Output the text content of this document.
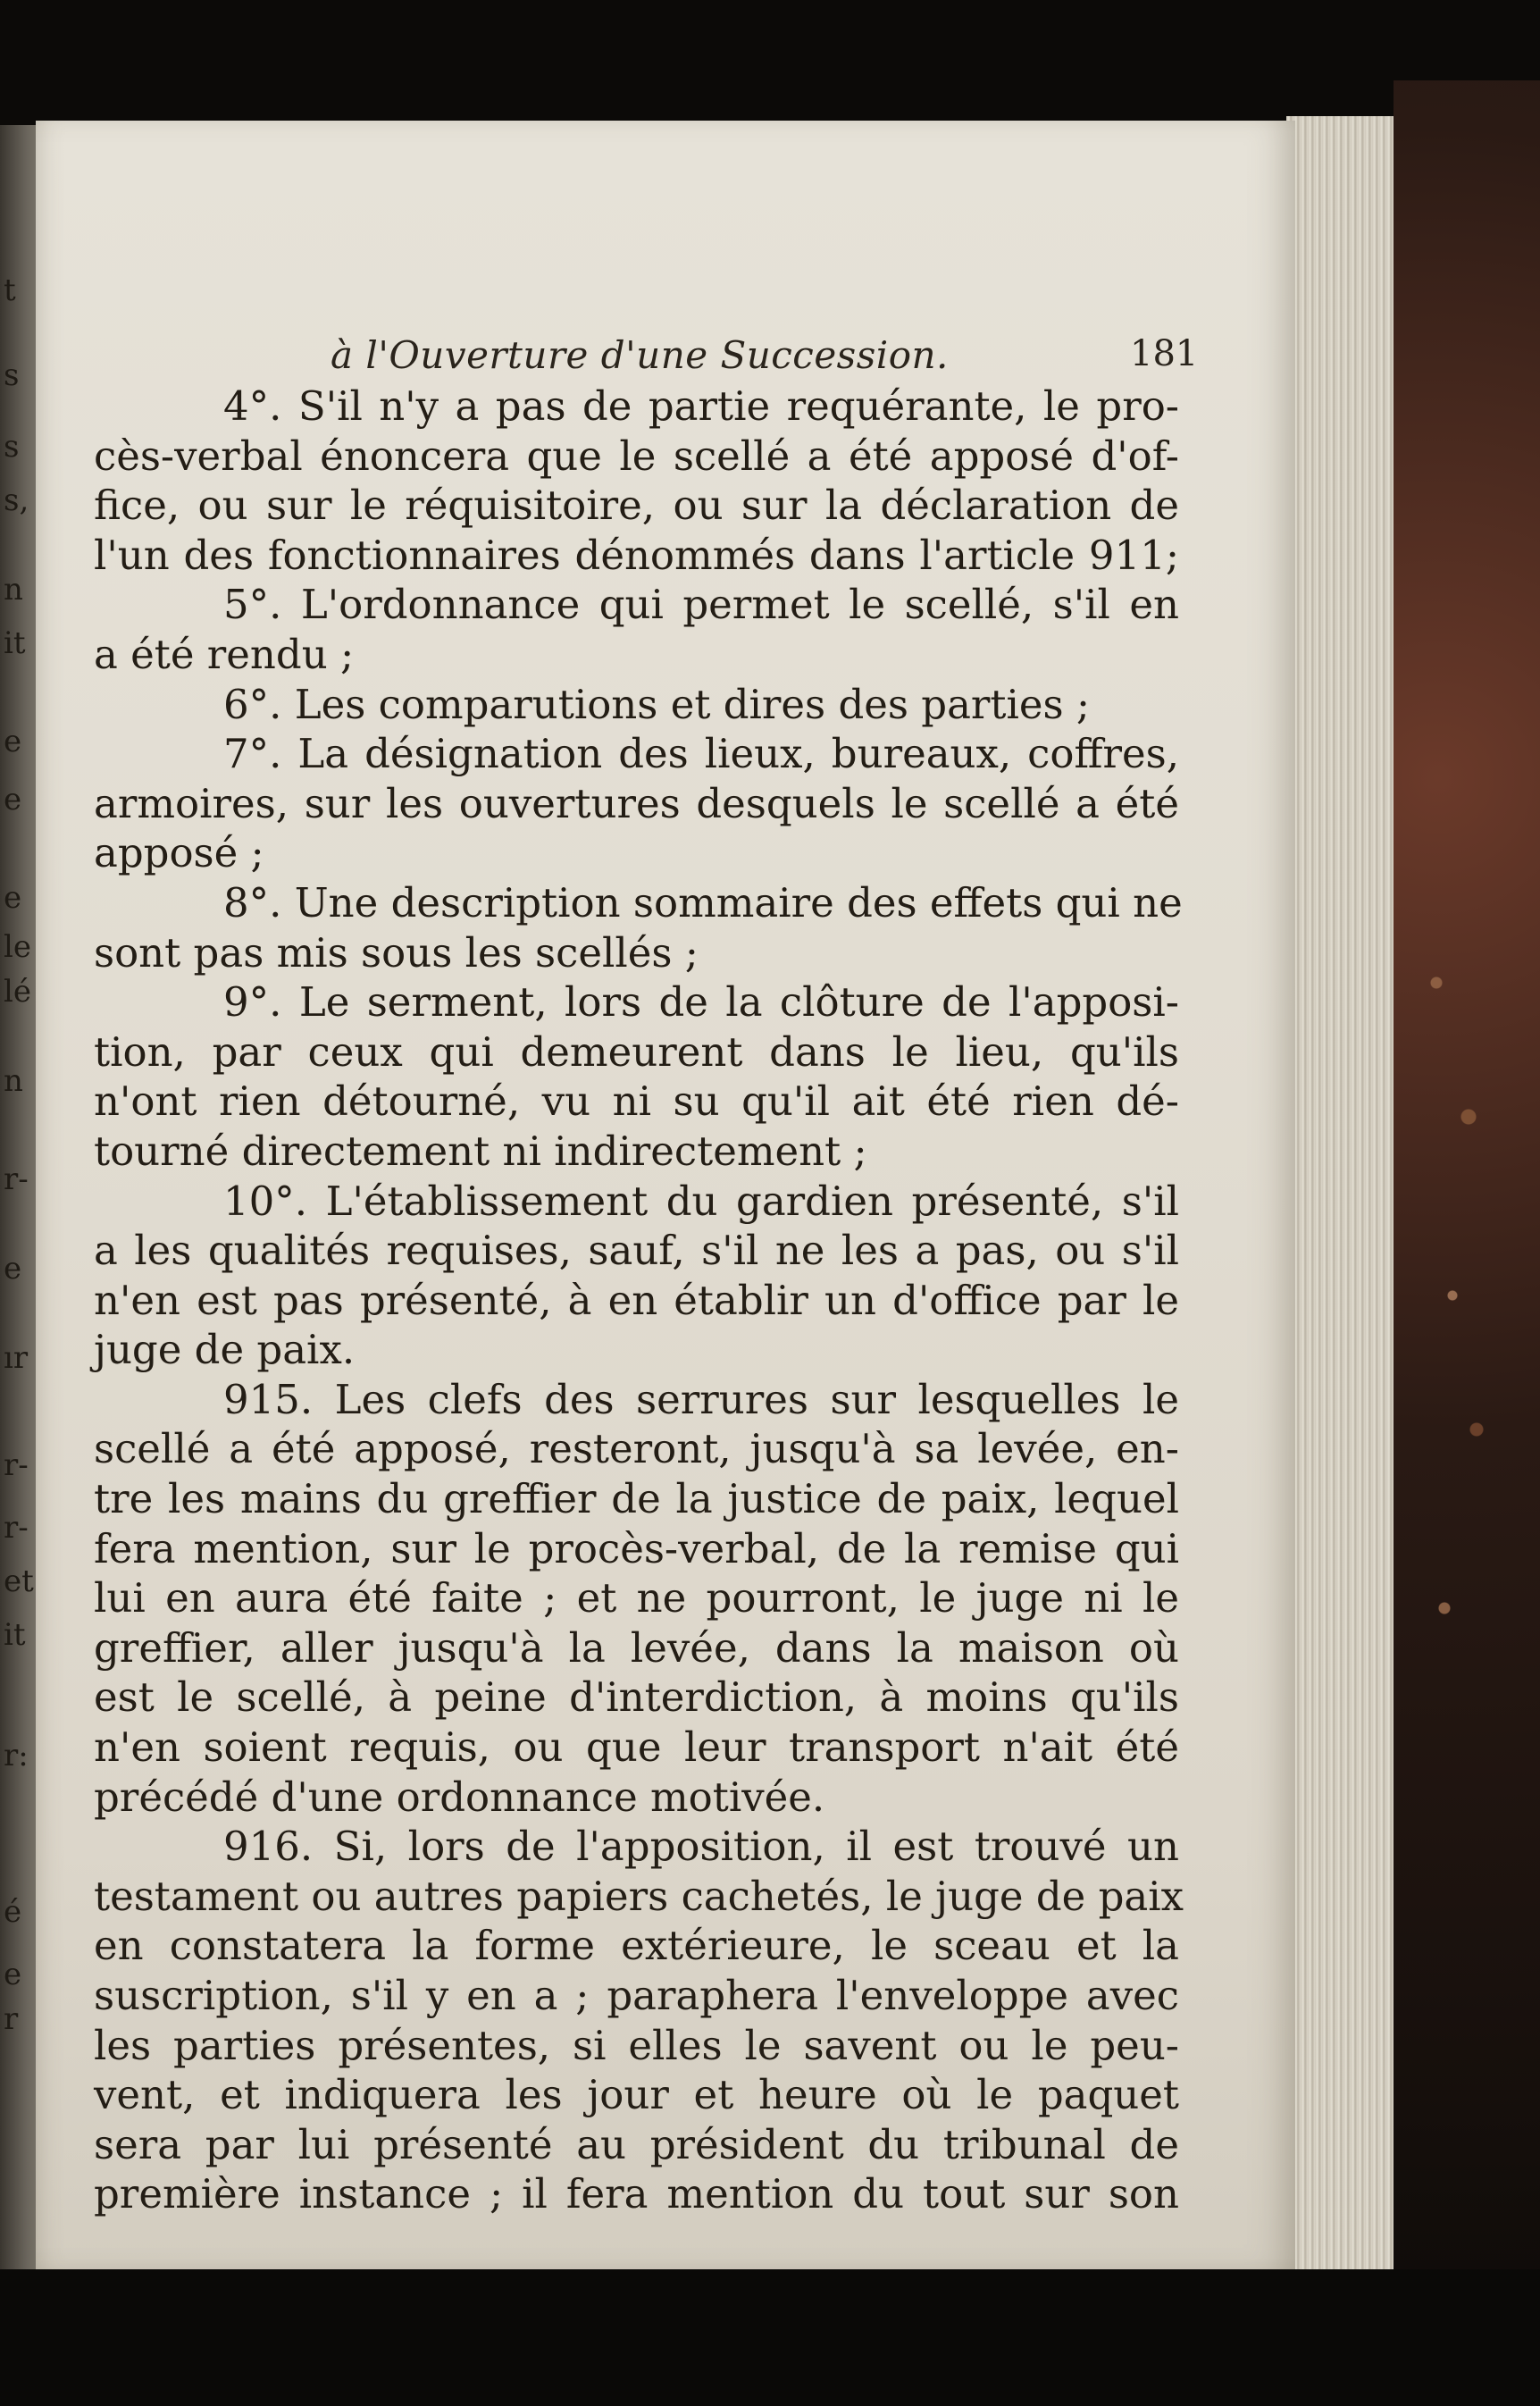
t
s
s
s,
n
it
e
e
e
le
lé
n
r-
e
ır
r-
r-
et
it
r:
é
e
r
à l'Ouverture d'une Succession.	181
4°. S'il n'y a pas de partie requérante, le pro-
cès-verbal énoncera que le scellé a été apposé d'of-
fice, ou sur le réquisitoire, ou sur la déclaration de
l'un des fonctionnaires dénommés dans l'article 911;
5°. L'ordonnance qui permet le scellé, s'il en
a été rendu ;
6°. Les comparutions et dires des parties ;
7°. La désignation des lieux, bureaux, coffres,
armoires, sur les ouvertures desquels le scellé a été
apposé ;
8°. Une description sommaire des effets qui ne
sont pas mis sous les scellés ;
9°. Le serment, lors de la clôture de l'apposi-
tion, par ceux qui demeurent dans le lieu, qu'ils
n'ont rien détourné, vu ni su qu'il ait été rien dé-
tourné directement ni indirectement ;
10°. L'établissement du gardien présenté, s'il
a les qualités requises, sauf, s'il ne les a pas, ou s'il
n'en est pas présenté, à en établir un d'office par le
juge de paix.
915. Les clefs des serrures sur lesquelles le
scellé a été apposé, resteront, jusqu'à sa levée, en-
tre les mains du greffier de la justice de paix, lequel
fera mention, sur le procès-verbal, de la remise qui
lui en aura été faite ; et ne pourront, le juge ni le
greffier, aller jusqu'à la levée, dans la maison où
est le scellé, à peine d'interdiction, à moins qu'ils
n'en soient requis, ou que leur transport n'ait été
précédé d'une ordonnance motivée.
916. Si, lors de l'apposition, il est trouvé un
testament ou autres papiers cachetés, le juge de paix
en constatera la forme extérieure, le sceau et la
suscription, s'il y en a ; paraphera l'enveloppe avec
les parties présentes, si elles le savent ou le peu-
vent, et indiquera les jour et heure où le paquet
sera par lui présenté au président du tribunal de
première instance ; il fera mention du tout sur son
